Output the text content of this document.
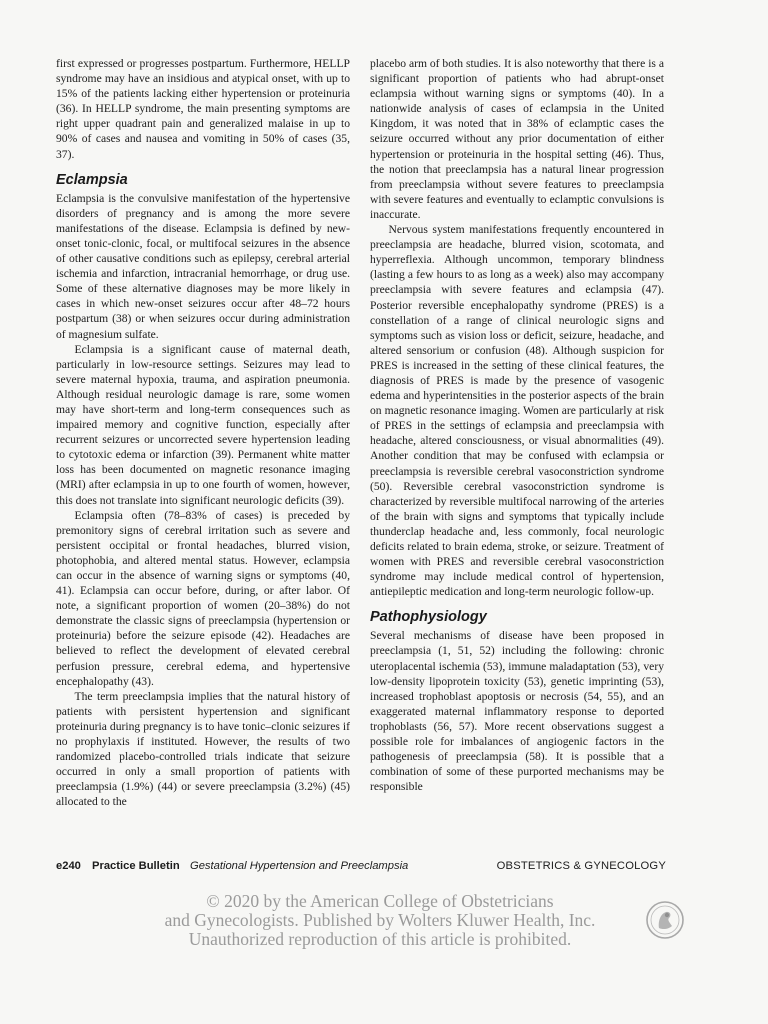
first expressed or progresses postpartum. Furthermore, HELLP syndrome may have an insidious and atypical onset, with up to 15% of the patients lacking either hypertension or proteinuria (36). In HELLP syndrome, the main presenting symptoms are right upper quadrant pain and generalized malaise in up to 90% of cases and nausea and vomiting in 50% of cases (35, 37).

Eclampsia

Eclampsia is the convulsive manifestation of the hypertensive disorders of pregnancy and is among the more severe manifestations of the disease. Eclampsia is defined by new-onset tonic-clonic, focal, or multifocal seizures in the absence of other causative conditions such as epilepsy, cerebral arterial ischemia and infarction, intracranial hemorrhage, or drug use. Some of these alternative diagnoses may be more likely in cases in which new-onset seizures occur after 48–72 hours postpartum (38) or when seizures occur during administration of magnesium sulfate.

Eclampsia is a significant cause of maternal death, particularly in low-resource settings. Seizures may lead to severe maternal hypoxia, trauma, and aspiration pneumonia. Although residual neurologic damage is rare, some women may have short-term and long-term consequences such as impaired memory and cognitive function, especially after recurrent seizures or uncorrected severe hypertension leading to cytotoxic edema or infarction (39). Permanent white matter loss has been documented on magnetic resonance imaging (MRI) after eclampsia in up to one fourth of women, however, this does not translate into significant neurologic deficits (39).

Eclampsia often (78–83% of cases) is preceded by premonitory signs of cerebral irritation such as severe and persistent occipital or frontal headaches, blurred vision, photophobia, and altered mental status. However, eclampsia can occur in the absence of warning signs or symptoms (40, 41). Eclampsia can occur before, during, or after labor. Of note, a significant proportion of women (20–38%) do not demonstrate the classic signs of preeclampsia (hypertension or proteinuria) before the seizure episode (42). Headaches are believed to reflect the development of elevated cerebral perfusion pressure, cerebral edema, and hypertensive encephalopathy (43).

The term preeclampsia implies that the natural history of patients with persistent hypertension and significant proteinuria during pregnancy is to have tonic–clonic seizures if no prophylaxis if instituted. However, the results of two randomized placebo-controlled trials indicate that seizure occurred in only a small proportion of patients with preeclampsia (1.9%) (44) or severe preeclampsia (3.2%) (45) allocated to the

placebo arm of both studies. It is also noteworthy that there is a significant proportion of patients who had abrupt-onset eclampsia without warning signs or symptoms (40). In a nationwide analysis of cases of eclampsia in the United Kingdom, it was noted that in 38% of eclamptic cases the seizure occurred without any prior documentation of either hypertension or proteinuria in the hospital setting (46). Thus, the notion that preeclampsia has a natural linear progression from preeclampsia without severe features to preeclampsia with severe features and eventually to eclamptic convulsions is inaccurate.

Nervous system manifestations frequently encountered in preeclampsia are headache, blurred vision, scotomata, and hyperreflexia. Although uncommon, temporary blindness (lasting a few hours to as long as a week) also may accompany preeclampsia with severe features and eclampsia (47). Posterior reversible encephalopathy syndrome (PRES) is a constellation of a range of clinical neurologic signs and symptoms such as vision loss or deficit, seizure, headache, and altered sensorium or confusion (48). Although suspicion for PRES is increased in the setting of these clinical features, the diagnosis of PRES is made by the presence of vasogenic edema and hyperintensities in the posterior aspects of the brain on magnetic resonance imaging. Women are particularly at risk of PRES in the settings of eclampsia and preeclampsia with headache, altered consciousness, or visual abnormalities (49). Another condition that may be confused with eclampsia or preeclampsia is reversible cerebral vasoconstriction syndrome (50). Reversible cerebral vasoconstriction syndrome is characterized by reversible multifocal narrowing of the arteries of the brain with signs and symptoms that typically include thunderclap headache and, less commonly, focal neurologic deficits related to brain edema, stroke, or seizure. Treatment of women with PRES and reversible cerebral vasoconstriction syndrome may include medical control of hypertension, antiepileptic medication and long-term neurologic follow-up.

Pathophysiology

Several mechanisms of disease have been proposed in preeclampsia (1, 51, 52) including the following: chronic uteroplacental ischemia (53), immune maladaptation (53), very low-density lipoprotein toxicity (53), genetic imprinting (53), increased trophoblast apoptosis or necrosis (54, 55), and an exaggerated maternal inflammatory response to deported trophoblasts (56, 57). More recent observations suggest a possible role for imbalances of angiogenic factors in the pathogenesis of preeclampsia (58). It is possible that a combination of some of these purported mechanisms may be responsible

e240 Practice Bulletin Gestational Hypertension and Preeclampsia	OBSTETRICS & GYNECOLOGY
© 2020 by the American College of Obstetricians
and Gynecologists. Published by Wolters Kluwer Health, Inc.
Unauthorized reproduction of this article is prohibited.
